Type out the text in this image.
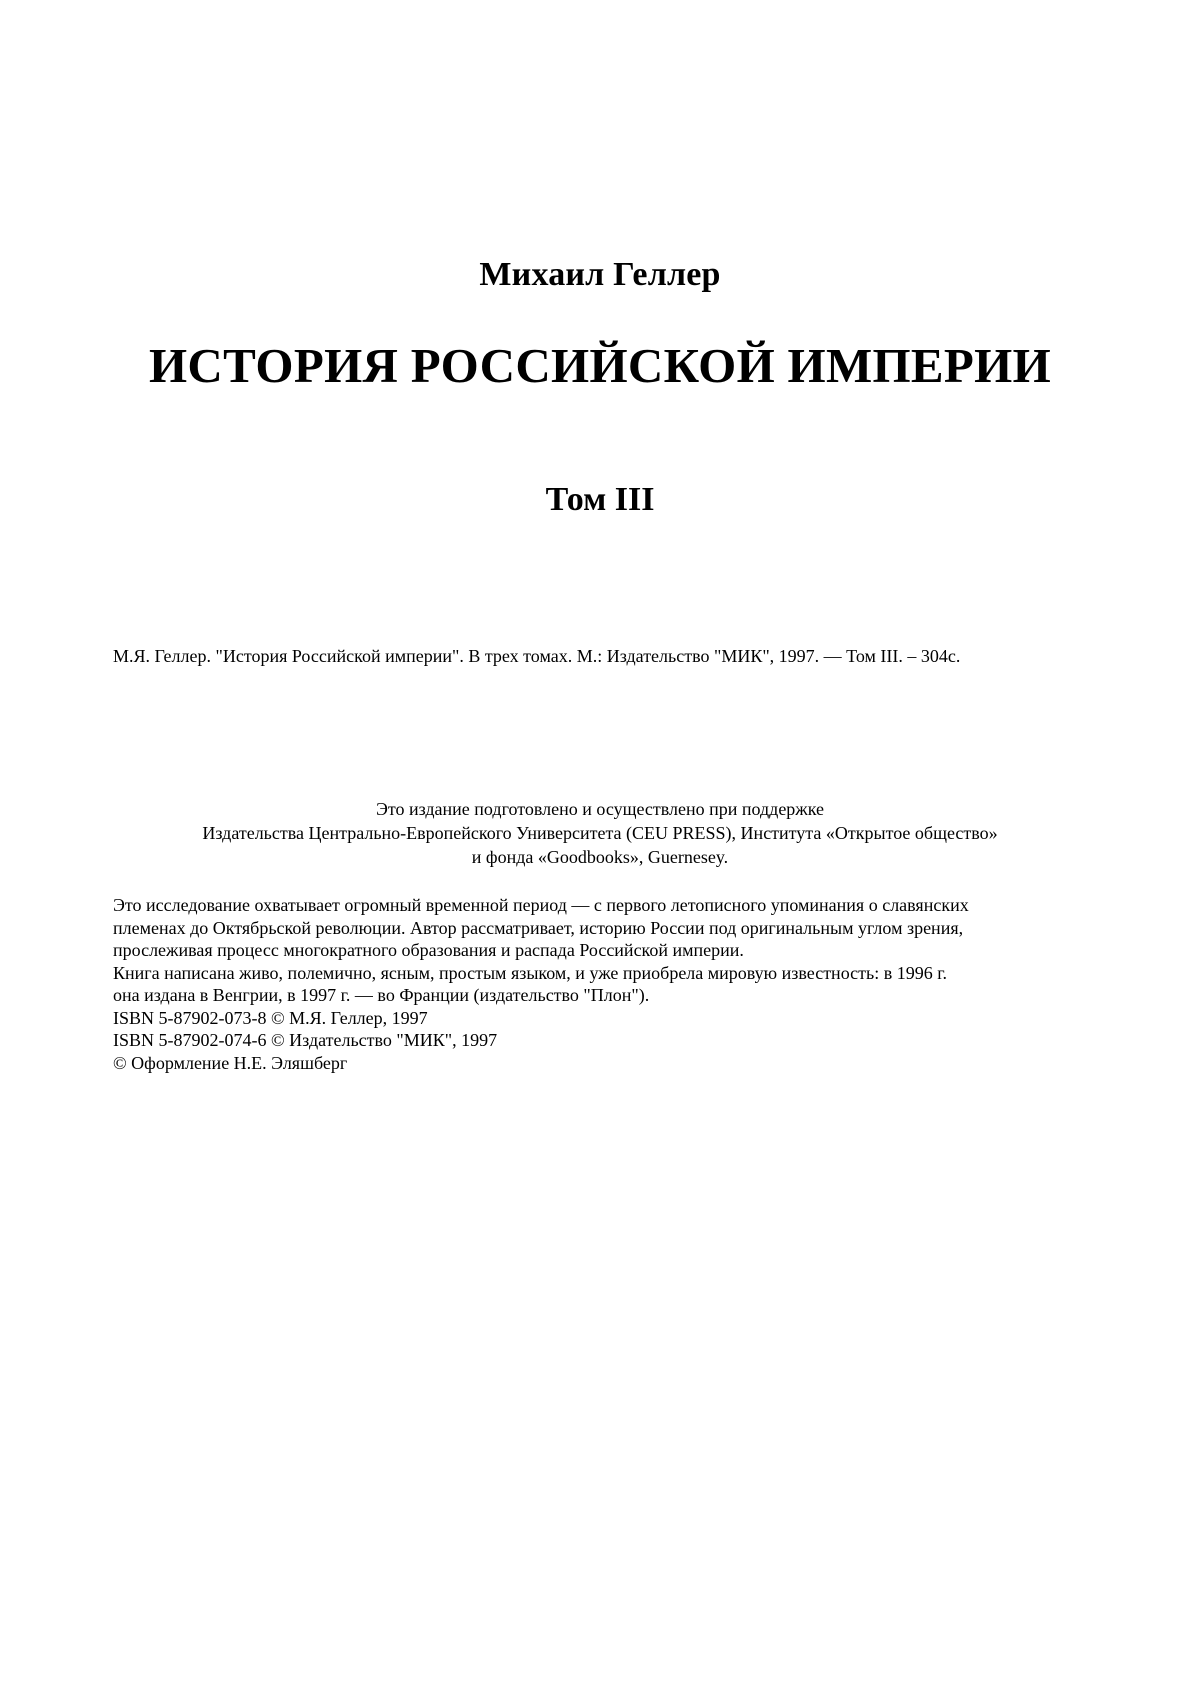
Михаил Геллер
ИСТОРИЯ РОССИЙСКОЙ ИМПЕРИИ
Том III
М.Я. Геллер. "История Российской империи". В трех томах. М.: Издательство "МИК", 1997. — Том III. – 304с.
Это издание подготовлено и осуществлено при поддержке
Издательства Центрально-Европейского Университета (CEU PRESS), Института «Открытое общество»
и фонда «Goodbooks», Guernesey.
Это исследование охватывает огромный временной период — с первого летописного упоминания о славянских
племенах до Октябрьской революции. Автор рассматривает, историю России под оригинальным углом зрения,
прослеживая процесс многократного образования и распада Российской империи.
Книга написана живо, полемично, ясным, простым языком, и уже приобрела мировую известность: в 1996 г.
она издана в Венгрии, в 1997 г. — во Франции (издательство "Плон").
ISBN 5-87902-073-8 © М.Я. Геллер, 1997
ISBN 5-87902-074-6 © Издательство "МИК", 1997
© Оформление Н.Е. Эляшберг
